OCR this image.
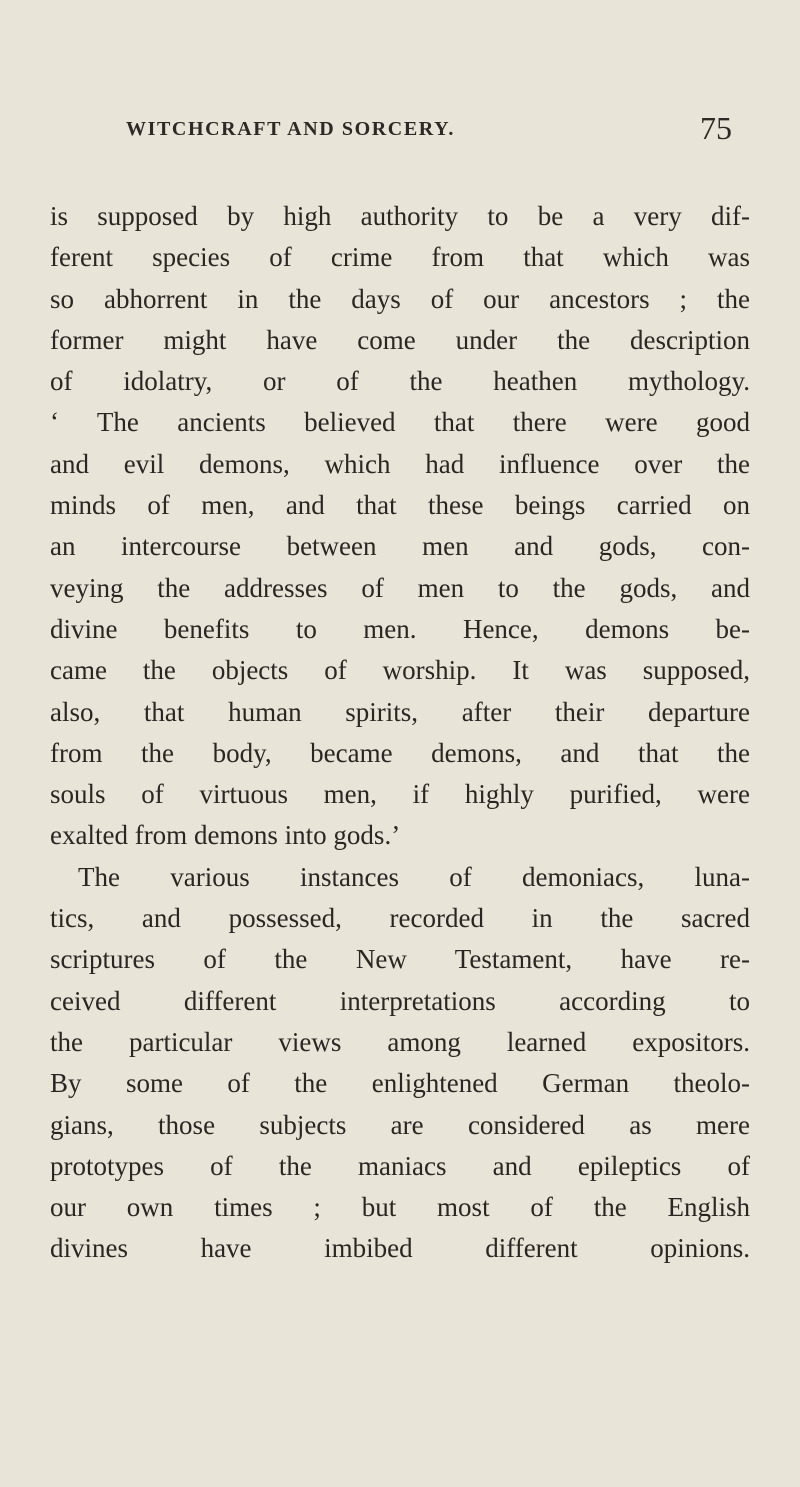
WITCHCRAFT AND SORCERY.	75
is supposed by high authority to be a very dif-
ferent species of crime from that which was
so abhorrent in the days of our ancestors ; the
former might have come under the description
of idolatry, or of the heathen mythology.
‘ The ancients believed that there were good
and evil demons, which had influence over the
minds of men, and that these beings carried on
an intercourse between men and gods, con-
veying the addresses of men to the gods, and
divine benefits to men. Hence, demons be-
came the objects of worship. It was supposed,
also, that human spirits, after their departure
from the body, became demons, and that the
souls of virtuous men, if highly purified, were
exalted from demons into gods.’
The various instances of demoniacs, luna-
tics, and possessed, recorded in the sacred
scriptures of the New Testament, have re-
ceived different interpretations according to
the particular views among learned expositors.
By some of the enlightened German theolo-
gians, those subjects are considered as mere
prototypes of the maniacs and epileptics of
our own times ; but most of the English
divines have imbibed different opinions.
